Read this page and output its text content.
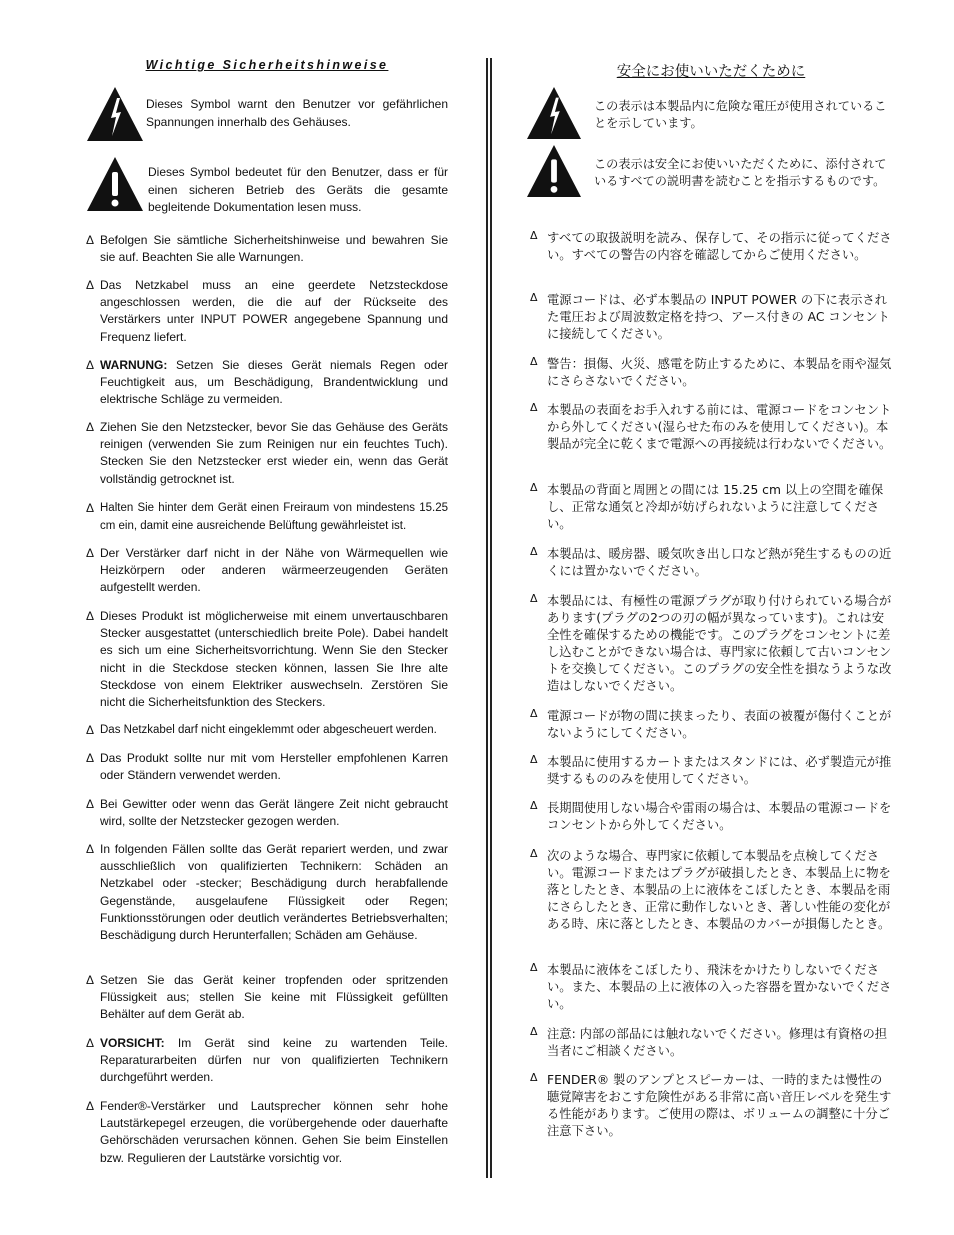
Wichtige Sicherheitshinweise
Dieses Symbol warnt den Benutzer vor gefährlichen Spannungen innerhalb des Gehäuses.
Dieses Symbol bedeutet für den Benutzer, dass er für einen sicheren Betrieb des Geräts die gesamte begleitende Dokumentation lesen muss.
Δ Befolgen Sie sämtliche Sicherheitshinweise und bewahren Sie sie auf. Beachten Sie alle Warnungen.
Δ Das Netzkabel muss an eine geerdete Netzsteckdose angeschlossen werden, die die auf der Rückseite des Verstärkers unter INPUT POWER angegebene Spannung und Frequenz liefert.
Δ WARNUNG: Setzen Sie dieses Gerät niemals Regen oder Feuchtigkeit aus, um Beschädigung, Brandentwicklung und elektrische Schläge zu vermeiden.
Δ Ziehen Sie den Netzstecker, bevor Sie das Gehäuse des Geräts reinigen (verwenden Sie zum Reinigen nur ein feuchtes Tuch). Stecken Sie den Netzstecker erst wieder ein, wenn das Gerät vollständig getrocknet ist.
Δ Halten Sie hinter dem Gerät einen Freiraum von mindestens 15.25 cm ein, damit eine ausreichende Belüftung gewährleistet ist.
Δ Der Verstärker darf nicht in der Nähe von Wärmequellen wie Heizkörpern oder anderen wärmeerzeugenden Geräten aufgestellt werden.
Δ Dieses Produkt ist möglicherweise mit einem unvertauschbaren Stecker ausgestattet (unterschiedlich breite Pole). Dabei handelt es sich um eine Sicherheitsvorrichtung. Wenn Sie den Stecker nicht in die Steckdose stecken können, lassen Sie Ihre alte Steckdose von einem Elektriker auswechseln. Zerstören Sie nicht die Sicherheitsfunktion des Steckers.
Δ Das Netzkabel darf nicht eingeklemmt oder abgescheuert werden.
Δ Das Produkt sollte nur mit vom Hersteller empfohlenen Karren oder Ständern verwendet werden.
Δ Bei Gewitter oder wenn das Gerät längere Zeit nicht gebraucht wird, sollte der Netzstecker gezogen werden.
Δ In folgenden Fällen sollte das Gerät repariert werden, und zwar ausschließlich von qualifizierten Technikern: Schäden an Netzkabel oder -stecker; Beschädigung durch herabfallende Gegenstände, ausgelaufene Flüssigkeit oder Regen; Funktionsstörungen oder deutlich verändertes Betriebsverhalten; Beschädigung durch Herunterfallen; Schäden am Gehäuse.
Δ Setzen Sie das Gerät keiner tropfenden oder spritzenden Flüssigkeit aus; stellen Sie keine mit Flüssigkeit gefüllten Behälter auf dem Gerät ab.
Δ VORSICHT: Im Gerät sind keine zu wartenden Teile. Reparaturarbeiten dürfen nur von qualifizierten Technikern durchgeführt werden.
Δ Fender®-Verstärker und Lautsprecher können sehr hohe Lautstärkepegel erzeugen, die vorübergehende oder dauerhafte Gehörschäden verursachen können. Gehen Sie beim Einstellen bzw. Regulieren der Lautstärke vorsichtig vor.
安全にお使いいただくために
この表示は本製品内に危険な電圧が使用されていることを示しています。
この表示は安全にお使いいただくために、添付されているすべての説明書を読むことを指示するものです。
Δ すべての取扱説明を読み、保存して、その指示に従ってください。すべての警告の内容を確認してからご使用ください。
Δ 電源コードは、必ず本製品の INPUT POWER の下に表示された電圧および周波数定格を持つ、アース付きの AC コンセントに接続してください。
Δ 警告：損傷、火災、感電を防止するために、本製品を雨や湿気にさらさないでください。
Δ 本製品の表面をお手入れする前には、電源コードをコンセントから外してください(湿らせた布のみを使用してください)。本製品が完全に乾くまで電源への再接続は行わないでください。
Δ 本製品の背面と周囲との間には 15.25 cm 以上の空間を確保し、正常な通気と冷却が妨げられないように注意してください。
Δ 本製品は、暖房器、暖気吹き出し口など熱が発生するものの近くには置かないでください。
Δ 本製品には、有極性の電源プラグが取り付けられている場合があります(プラグの2つの刃の幅が異なっています)。これは安全性を確保するための機能です。このプラグをコンセントに差し込むことができない場合は、専門家に依頼して古いコンセントを交換してください。このプラグの安全性を損なうような改造はしないでください。
Δ 電源コードが物の間に挟まったり、表面の被覆が傷付くことがないようにしてください。
Δ 本製品に使用するカートまたはスタンドには、必ず製造元が推奨するもののみを使用してください。
Δ 長期間使用しない場合や雷雨の場合は、本製品の電源コードをコンセントから外してください。
Δ 次のような場合、専門家に依頼して本製品を点検してください。電源コードまたはプラグが破損したとき、本製品上に物を落としたとき、本製品の上に液体をこぼしたとき、本製品を雨にさらしたとき、正常に動作しないとき、著しい性能の変化がある時、床に落としたとき、本製品のカバーが損傷したとき。
Δ 本製品に液体をこぼしたり、飛沫をかけたりしないでください。また、本製品の上に液体の入った容器を置かないでください。
Δ 注意: 内部の部品には触れないでください。修理は有資格の担当者にご相談ください。
Δ FENDER® 製のアンプとスピーカーは、一時的または慢性の聴覚障害をおこす危険性がある非常に高い音圧レベルを発生する性能があります。ご使用の際は、ボリュームの調整に十分ご注意下さい。
